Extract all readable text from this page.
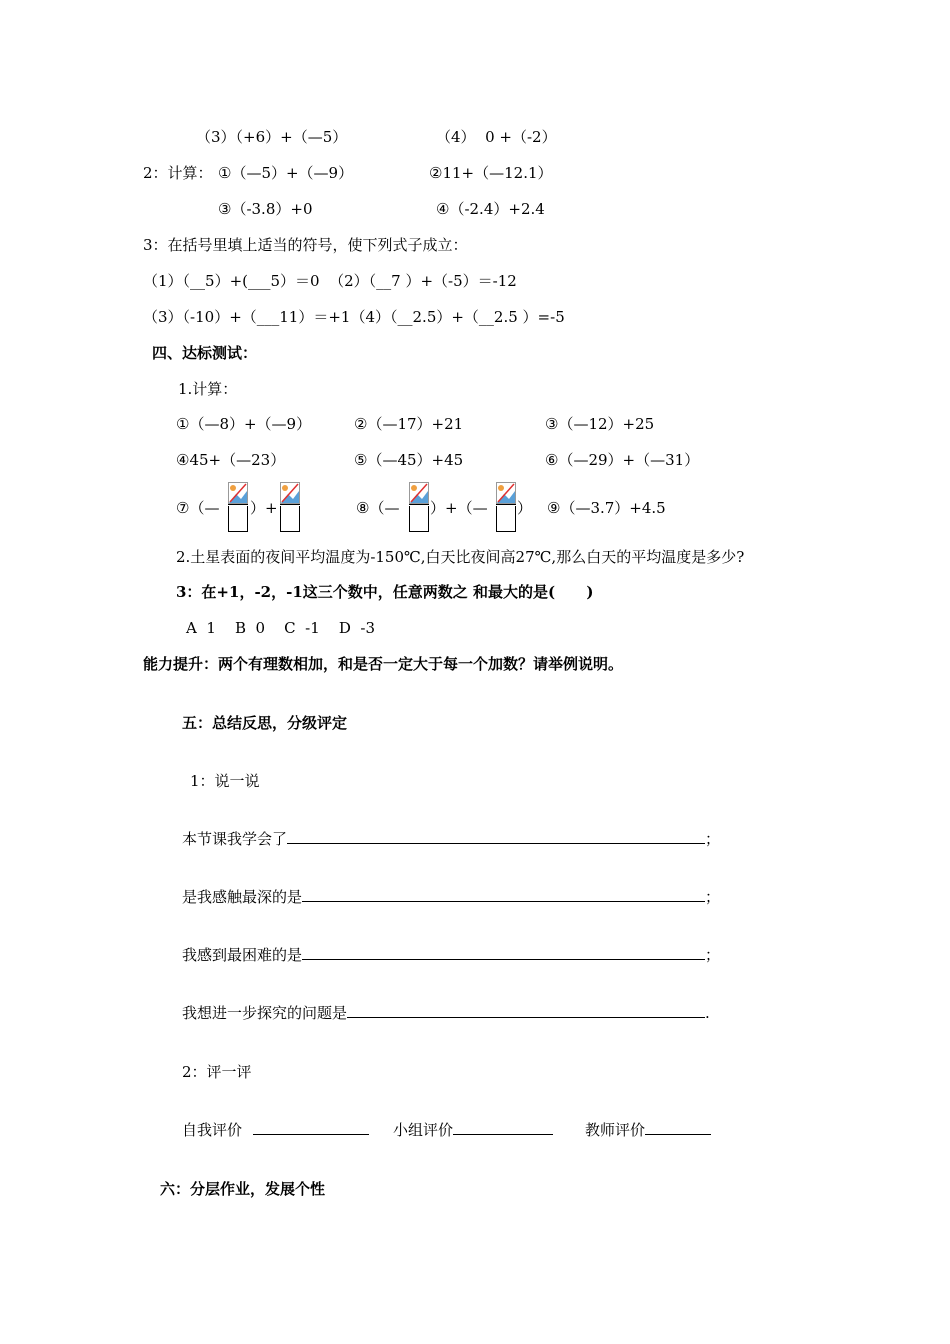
（3）（+6）+（—5）	（4）  0 +（-2）
2：计算： ①（—5）+（—9）	②11+（—12.1）
③（-3.8）+0	④（-2.4）+2.4
3：在括号里填上适当的符号，使下列式子成立：
（1）（__5）+(___5）＝0  （2）（__7 ）+（-5）＝-12
（3）（-10）+（___11）＝+1（4）（__2.5）+（__2.5 ）=-5
四、达标测试：
1.计算：
①（—8）+（—9）	②（—17）+21	③（—12）+25
④45+（—23）	⑤（—45）+45	⑥（—29）+（—31）
⑦（— ）+	⑧（— ）+（— ） ⑨（—3.7）+4.5
2.土星表面的夜间平均温度为-150℃,白天比夜间高27℃,那么白天的平均温度是多少?
3：在+1，-2，-1这三个数中，任意两数之 和最大的是(      )
A  1    B  0    C  -1    D  -3
能力提升：两个有理数相加，和是否一定大于每一个加数？请举例说明。
五：总结反思，分级评定
1：说一说
本节课我学会了	；
是我感触最深的是	；
我感到最困难的是	；
我想进一步探究的问题是	.
2：评一评
自我评价	小组评价	教师评价
六：分层作业，发展个性
